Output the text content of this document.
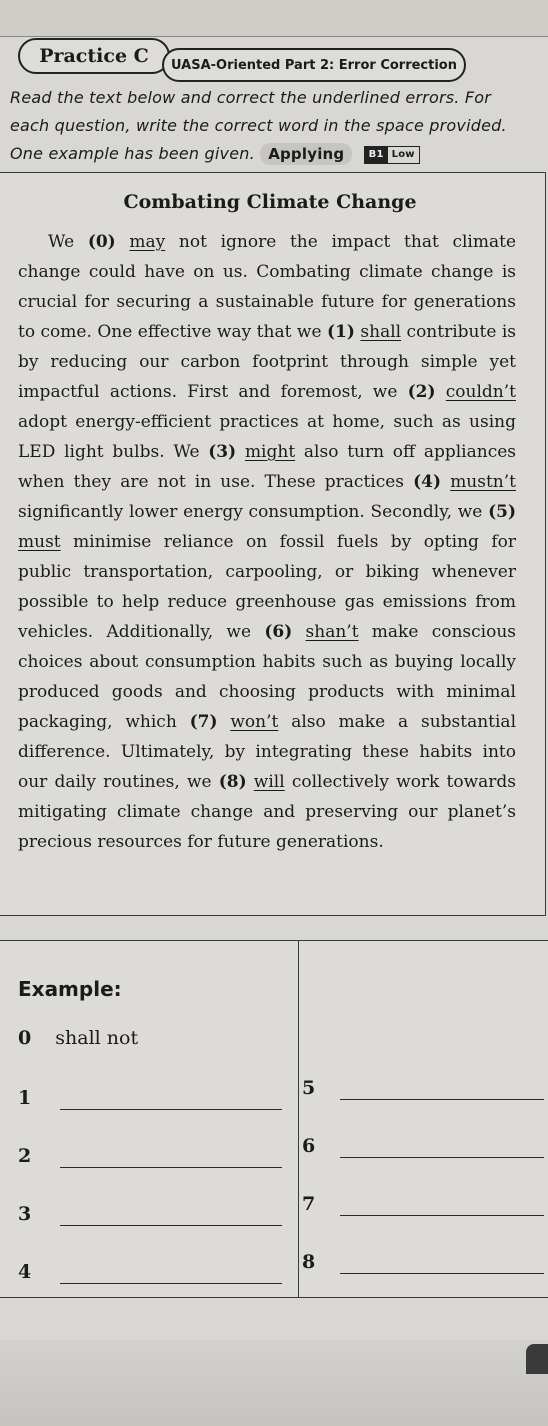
Practice C	UASA-Oriented Part 2: Error Correction
Read the text below and correct the underlined errors. For each question, write the correct word in the space provided. One example has been given. Applying	B1 Low
Combating Climate Change

We (0) may not ignore the impact that climate change could have on us. Combating climate change is crucial for securing a sustainable future for generations to come. One effective way that we (1) shall contribute is by reducing our carbon footprint through simple yet impactful actions. First and foremost, we (2) couldn’t adopt energy-efficient practices at home, such as using LED light bulbs. We (3) might also turn off appliances when they are not in use. These practices (4) mustn’t significantly lower energy consumption. Secondly, we (5) must minimise reliance on fossil fuels by opting for public transportation, carpooling, or biking whenever possible to help reduce greenhouse gas emissions from vehicles. Additionally, we (6) shan’t make conscious choices about consumption habits such as buying locally produced goods and choosing products with minimal packaging, which (7) won’t also make a substantial difference. Ultimately, by integrating these habits into our daily routines, we (8) will collectively work towards mitigating climate change and preserving our planet’s precious resources for future generations.

Example:
0 shall not
1
2
3
4
5
6
7
8
